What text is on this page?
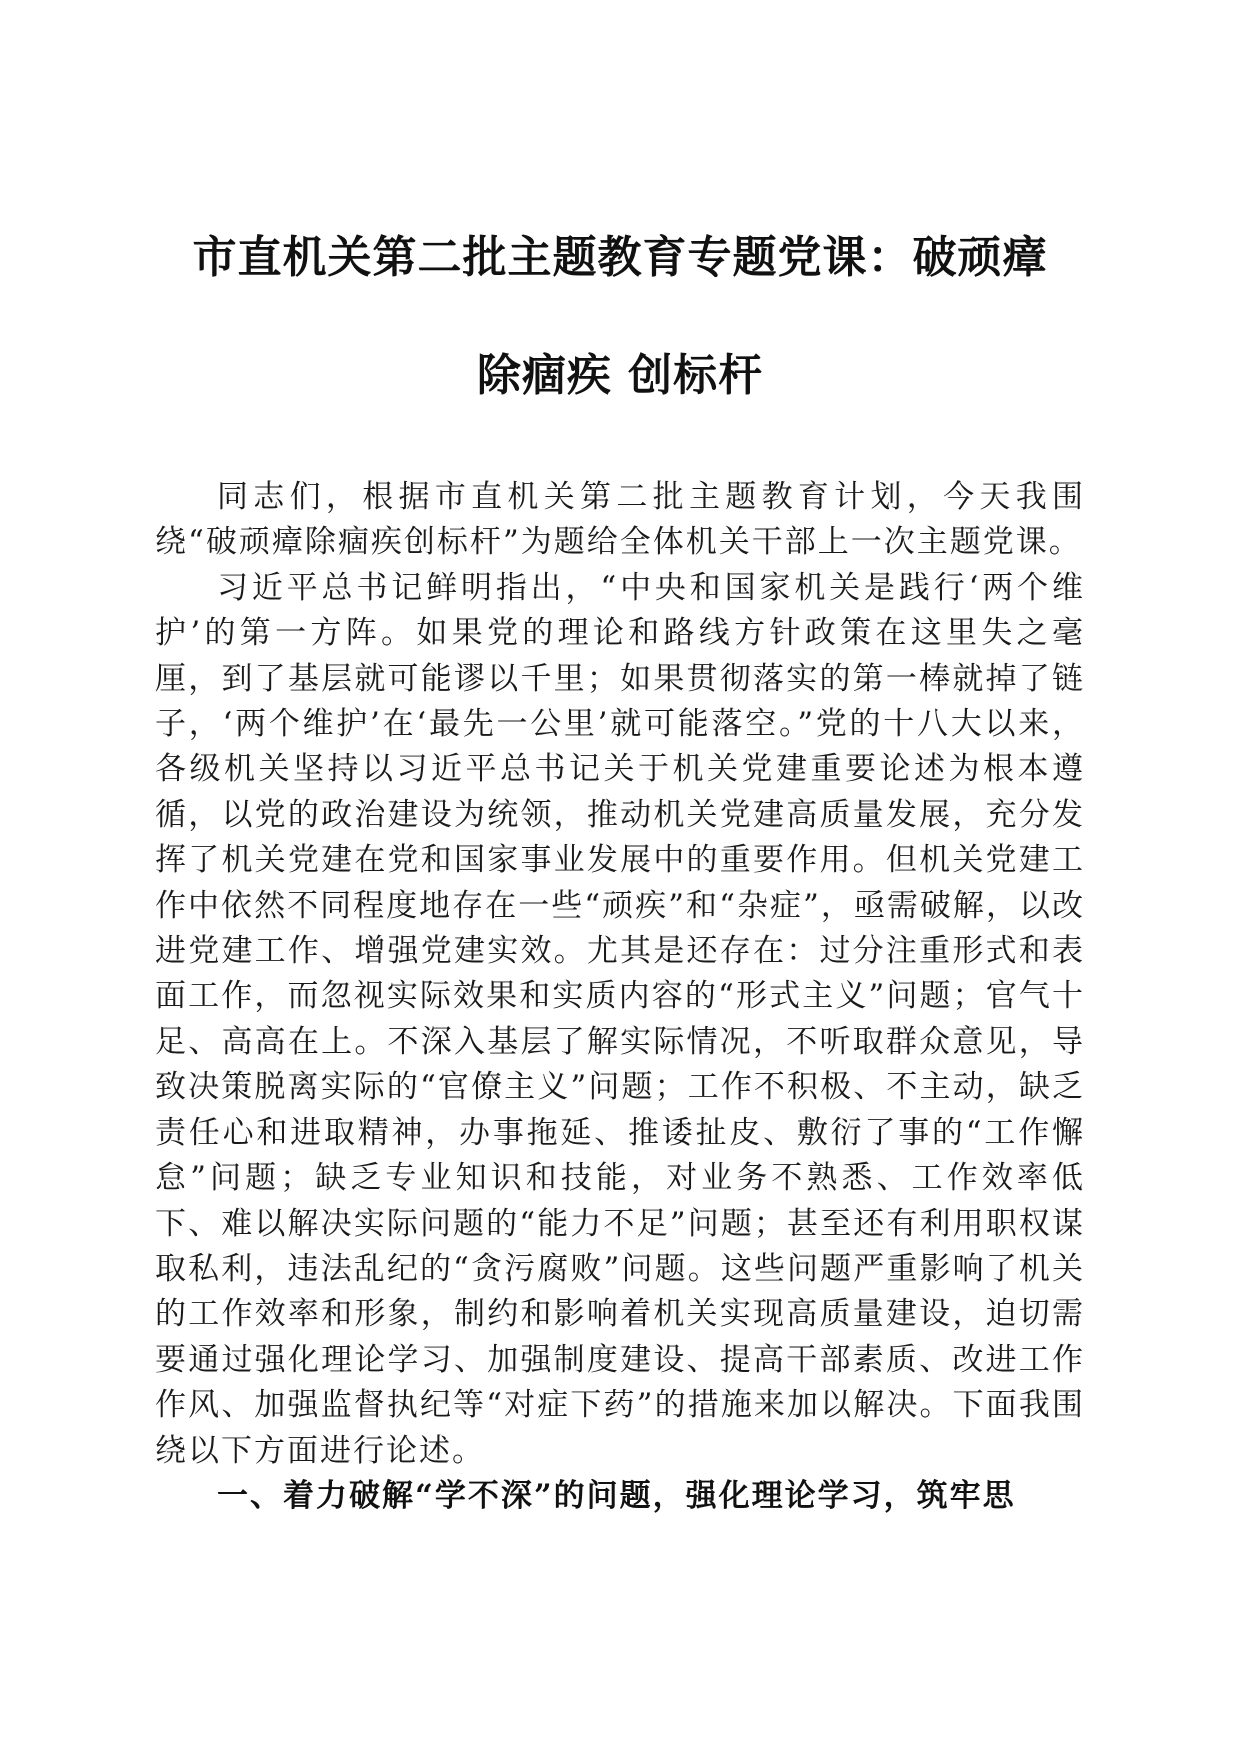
市直机关第二批主题教育专题党课：破顽瘴
除痼疾 创标杆

同志们，根据市直机关第二批主题教育计划，今天我围绕“破顽瘴除痼疾创标杆”为题给全体机关干部上一次主题党课。

习近平总书记鲜明指出，“中央和国家机关是践行‘两个维护’的第一方阵。如果党的理论和路线方针政策在这里失之毫厘，到了基层就可能谬以千里；如果贯彻落实的第一棒就掉了链子，‘两个维护’在‘最先一公里’就可能落空。”党的十八大以来，各级机关坚持以习近平总书记关于机关党建重要论述为根本遵循，以党的政治建设为统领，推动机关党建高质量发展，充分发挥了机关党建在党和国家事业发展中的重要作用。但机关党建工作中依然不同程度地存在一些“顽疾”和“杂症”，亟需破解，以改进党建工作、增强党建实效。尤其是还存在：过分注重形式和表面工作，而忽视实际效果和实质内容的“形式主义”问题；官气十足、高高在上。不深入基层了解实际情况，不听取群众意见，导致决策脱离实际的“官僚主义”问题；工作不积极、不主动，缺乏责任心和进取精神，办事拖延、推诿扯皮、敷衍了事的“工作懈怠”问题；缺乏专业知识和技能，对业务不熟悉、工作效率低下、难以解决实际问题的“能力不足”问题；甚至还有利用职权谋取私利，违法乱纪的“贪污腐败”问题。这些问题严重影响了机关的工作效率和形象，制约和影响着机关实现高质量建设，迫切需要通过强化理论学习、加强制度建设、提高干部素质、改进工作作风、加强监督执纪等“对症下药”的措施来加以解决。下面我围绕以下方面进行论述。

一、着力破解“学不深”的问题，强化理论学习，筑牢思
